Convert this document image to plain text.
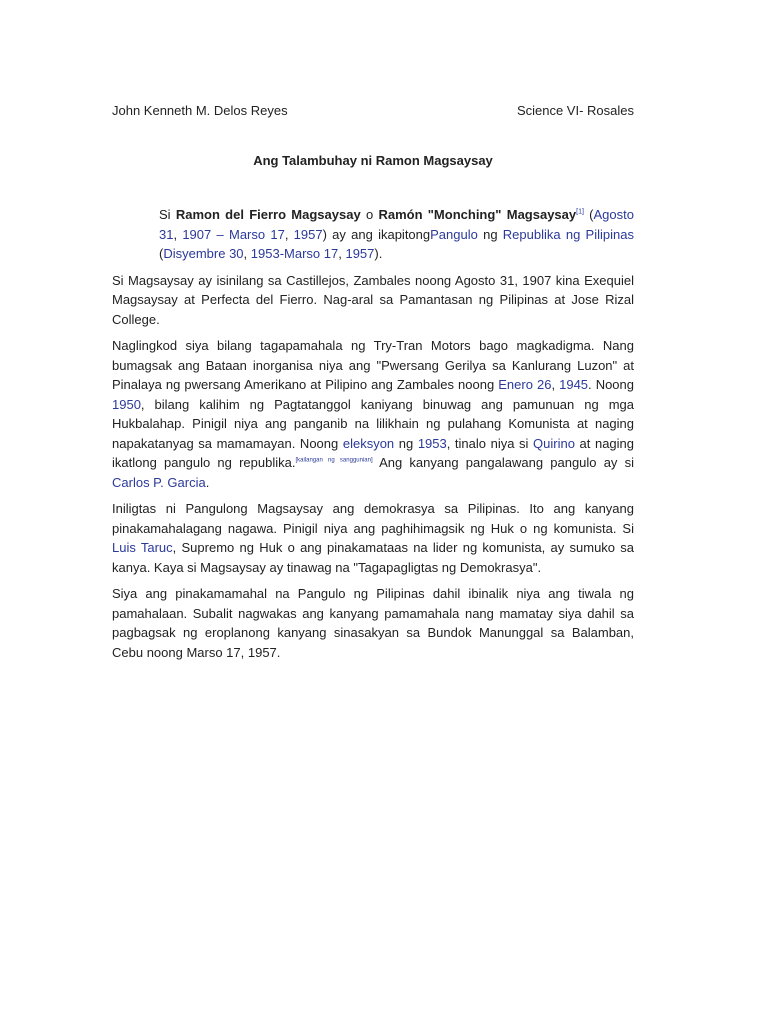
John Kenneth M. Delos Reyes	Science VI- Rosales
Ang Talambuhay ni Ramon Magsaysay

Si Ramon del Fierro Magsaysay o Ramón "Monching" Magsaysay[1] (Agosto 31, 1907 – Marso 17, 1957) ay ang ikapitongPangulo ng Republika ng Pilipinas (Disyembre 30, 1953-Marso 17, 1957).

Si Magsaysay ay isinilang sa Castillejos, Zambales noong Agosto 31, 1907 kina Exequiel Magsaysay at Perfecta del Fierro. Nag-aral sa Pamantasan ng Pilipinas at Jose Rizal College.

Naglingkod siya bilang tagapamahala ng Try-Tran Motors bago magkadigma. Nang bumagsak ang Bataan inorganisa niya ang "Pwersang Gerilya sa Kanlurang Luzon" at Pinalaya ng pwersang Amerikano at Pilipino ang Zambales noong Enero 26, 1945. Noong 1950, bilang kalihim ng Pagtatanggol kaniyang binuwag ang pamunuan ng mga Hukbalahap. Pinigil niya ang panganib na lilikhain ng pulahang Komunista at naging napakatanyag sa mamamayan. Noong eleksyon ng 1953, tinalo niya si Quirino at naging ikatlong pangulo ng republika.[kailangan ng sanggunian] Ang kanyang pangalawang pangulo ay si Carlos P. Garcia.

Iniligtas ni Pangulong Magsaysay ang demokrasya sa Pilipinas. Ito ang kanyang pinakamahalagang nagawa. Pinigil niya ang paghihimagsik ng Huk o ng komunista. Si Luis Taruc, Supremo ng Huk o ang pinakamataas na lider ng komunista, ay sumuko sa kanya. Kaya si Magsaysay ay tinawag na "Tagapagligtas ng Demokrasya".

Siya ang pinakamamahal na Pangulo ng Pilipinas dahil ibinalik niya ang tiwala ng pamahalaan. Subalit nagwakas ang kanyang pamamahala nang mamatay siya dahil sa pagbagsak ng eroplanong kanyang sinasakyan sa Bundok Manunggal sa Balamban, Cebu noong Marso 17, 1957.
